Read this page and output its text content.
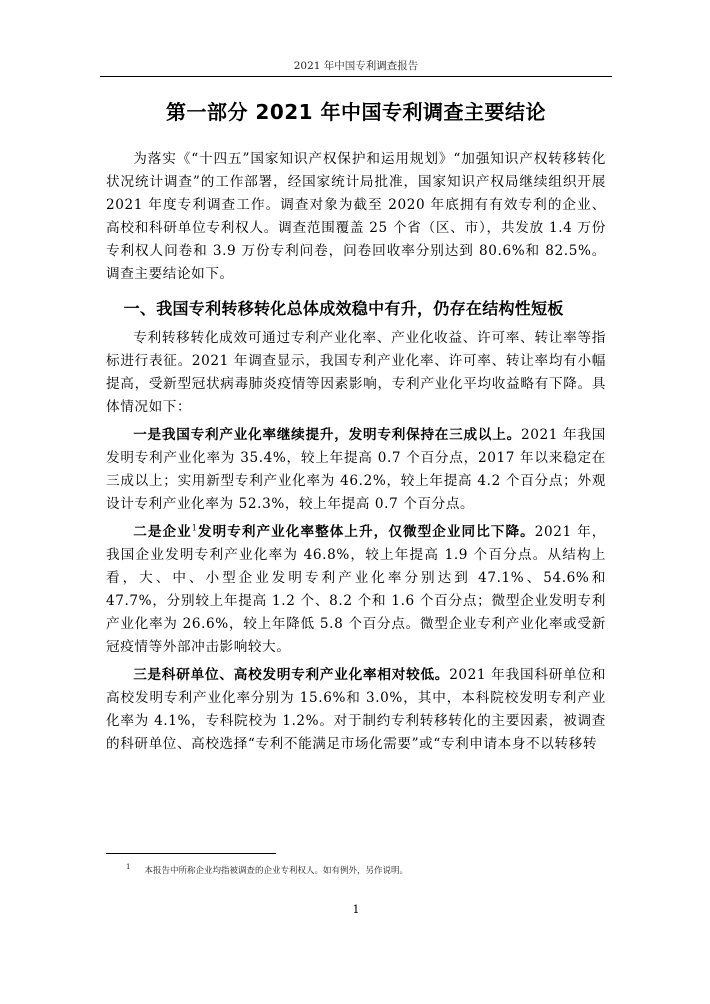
2021 年中国专利调查报告
第一部分 2021 年中国专利调查主要结论

为落实《“十四五”国家知识产权保护和运用规划》“加强知识产权转移转化状况统计调查”的工作部署，经国家统计局批准，国家知识产权局继续组织开展 2021 年度专利调查工作。调查对象为截至 2020 年底拥有有效专利的企业、高校和科研单位专利权人。调查范围覆盖 25 个省（区、市），共发放 1.4 万份专利权人问卷和 3.9 万份专利问卷，问卷回收率分别达到 80.6%和 82.5%。调查主要结论如下。

一、我国专利转移转化总体成效稳中有升，仍存在结构性短板

专利转移转化成效可通过专利产业化率、产业化收益、许可率、转让率等指标进行表征。2021 年调查显示，我国专利产业化率、许可率、转让率均有小幅提高，受新型冠状病毒肺炎疫情等因素影响，专利产业化平均收益略有下降。具体情况如下：

一是我国专利产业化率继续提升，发明专利保持在三成以上。2021 年我国发明专利产业化率为 35.4%，较上年提高 0.7 个百分点，2017 年以来稳定在三成以上；实用新型专利产业化率为 46.2%，较上年提高 4.2 个百分点；外观设计专利产业化率为 52.3%，较上年提高 0.7 个百分点。

二是企业$^1$发明专利产业化率整体上升，仅微型企业同比下降。2021 年，我国企业发明专利产业化率为 46.8%，较上年提高 1.9 个百分点。从结构上看，大、中、小型企业发明专利产业化率分别达到 47.1%、54.6%和 47.7%，分别较上年提高 1.2 个、8.2 个和 1.6 个百分点；微型企业发明专利产业化率为 26.6%，较上年降低 5.8 个百分点。微型企业专利产业化率或受新冠疫情等外部冲击影响较大。

三是科研单位、高校发明专利产业化率相对较低。2021 年我国科研单位和高校发明专利产业化率分别为 15.6%和 3.0%，其中，本科院校发明专利产业化率为 4.1%，专科院校为 1.2%。对于制约专利转移转化的主要因素，被调查的科研单位、高校选择“专利不能满足市场化需要”或“专利申请本身不以转移转

$^1$ 本报告中所称企业均指被调查的企业专利权人。如有例外，另作说明。
1
